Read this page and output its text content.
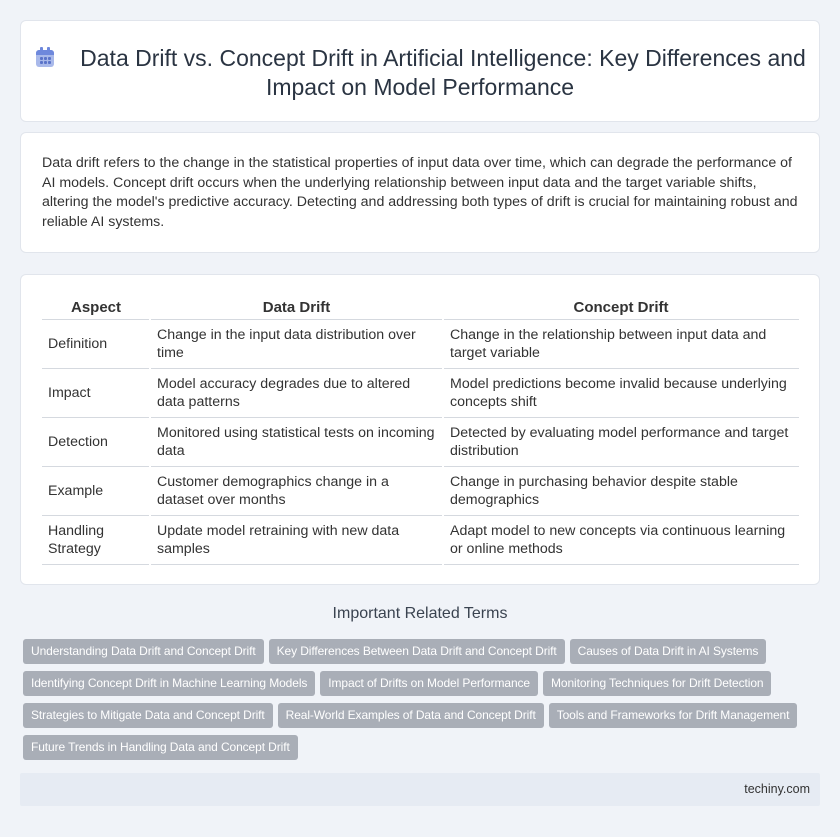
Data Drift vs. Concept Drift in Artificial Intelligence: Key Differences and Impact on Model Performance

Data drift refers to the change in the statistical properties of input data over time, which can degrade the performance of AI models. Concept drift occurs when the underlying relationship between input data and the target variable shifts, altering the model's predictive accuracy. Detecting and addressing both types of drift is crucial for maintaining robust and reliable AI systems.

Aspect	Data Drift	Concept Drift
Definition	Change in the input data distribution over time	Change in the relationship between input data and target variable
Impact	Model accuracy degrades due to altered data patterns	Model predictions become invalid because underlying concepts shift
Detection	Monitored using statistical tests on incoming data	Detected by evaluating model performance and target distribution
Example	Customer demographics change in a dataset over months	Change in purchasing behavior despite stable demographics
Handling Strategy	Update model retraining with new data samples	Adapt model to new concepts via continuous learning or online methods
Important Related Terms
Understanding Data Drift and Concept Drift Key Differences Between Data Drift and Concept Drift Causes of Data Drift in AI Systems
Identifying Concept Drift in Machine Learning Models Impact of Drifts on Model Performance Monitoring Techniques for Drift Detection
Strategies to Mitigate Data and Concept Drift Real-World Examples of Data and Concept Drift Tools and Frameworks for Drift Management
Future Trends in Handling Data and Concept Drift
techiny.com
